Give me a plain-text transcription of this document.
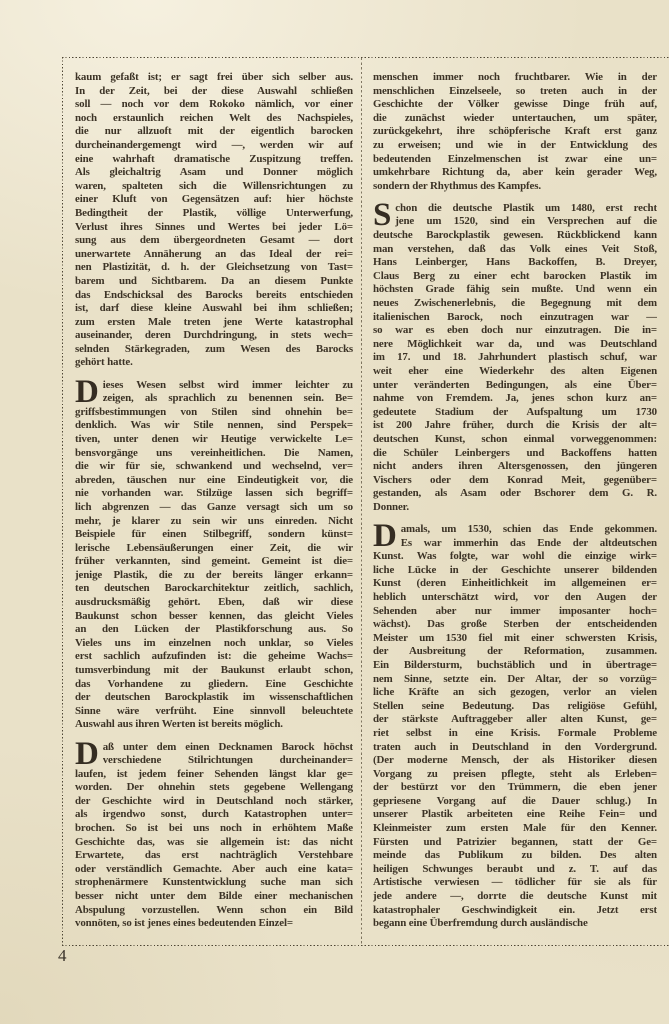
kaum gefaßt ist; er sagt frei über sich selber aus.
In der Zeit, bei der diese Auswahl schließen
soll — noch vor dem Rokoko nämlich, vor einer
noch erstaunlich reichen Welt des Nachspieles,
die nur allzuoft mit der eigentlich barocken
durcheinandergemengt wird —, werden wir auf
eine wahrhaft dramatische Zuspitzung treffen.
Als gleichaltrig Asam und Donner möglich
waren, spalteten sich die Willensrichtungen zu
einer Kluft von Gegensätzen auf: hier höchste
Bedingtheit der Plastik, völlige Unterwerfung,
Verlust ihres Sinnes und Wertes bei jeder Lö=
sung aus dem übergeordneten Gesamt — dort
unerwartete Annäherung an das Ideal der rei=
nen Plastizität, d. h. der Gleichsetzung von Tast=
barem und Sichtbarem. Da an diesem Punkte
das Endschicksal des Barocks bereits entschieden
ist, darf diese kleine Auswahl bei ihm schließen;
zum ersten Male treten jene Werte katastrophal
auseinander, deren Durchdringung, in stets wech=
selnden Stärkegraden, zum Wesen des Barocks
gehört hatte.
D ieses Wesen selbst wird immer leichter zu
zeigen, als sprachlich zu benennen sein. Be=
griffsbestimmungen von Stilen sind ohnehin be=
denklich. Was wir Stile nennen, sind Perspek=
tiven, unter denen wir Heutige verwickelte Le=
bensvorgänge uns vereinheitlichen. Die Namen,
die wir für sie, schwankend und wechselnd, ver=
abreden, täuschen nur eine Eindeutigkeit vor, die
nie vorhanden war. Stilzüge lassen sich begriff=
lich abgrenzen — das Ganze versagt sich um so
mehr, je klarer zu sein wir uns einreden. Nicht
Beispiele für einen Stilbegriff, sondern künst=
lerische Lebensäußerungen einer Zeit, die wir
früher verkannten, sind gemeint. Gemeint ist die=
jenige Plastik, die zu der bereits länger erkann=
ten deutschen Barockarchitektur zeitlich, sachlich,
ausdrucksmäßig gehört. Eben, daß wir diese
Baukunst schon besser kennen, das gleicht Vieles
an den Lücken der Plastikforschung aus. So
Vieles uns im einzelnen noch unklar, so Vieles
erst sachlich aufzufinden ist: die geheime Wachs=
tumsverbindung mit der Baukunst erlaubt schon,
das Vorhandene zu gliedern. Eine Geschichte
der deutschen Barockplastik im wissenschaftlichen
Sinne wäre verfrüht. Eine sinnvoll beleuchtete
Auswahl aus ihren Werten ist bereits möglich.
D aß unter dem einen Decknamen Barock höchst
verschiedene Stilrichtungen durcheinander=
laufen, ist jedem feiner Sehenden längst klar ge=
worden. Der ohnehin stets gegebene Wellengang
der Geschichte wird in Deutschland noch stärker,
als irgendwo sonst, durch Katastrophen unter=
brochen. So ist bei uns noch in erhöhtem Maße
Geschichte das, was sie allgemein ist: das nicht
Erwartete, das erst nachträglich Verstehbare
oder verständlich Gemachte. Aber auch eine kata=
strophenärmere Kunstentwicklung suche man sich
besser nicht unter dem Bilde einer mechanischen
Abspulung vorzustellen. Wenn schon ein Bild
vonnöten, so ist jenes eines bedeutenden Einzel=
menschen immer noch fruchtbarer. Wie in der
menschlichen Einzelseele, so treten auch in der
Geschichte der Völker gewisse Dinge früh auf,
die zunächst wieder untertauchen, um später,
zurückgekehrt, ihre schöpferische Kraft erst ganz
zu erweisen; und wie in der Entwicklung des
bedeutenden Einzelmenschen ist zwar eine un=
umkehrbare Richtung da, aber kein gerader Weg,
sondern der Rhythmus des Kampfes.
S chon die deutsche Plastik um 1480, erst recht
jene um 1520, sind ein Versprechen auf die
deutsche Barockplastik gewesen. Rückblickend kann
man verstehen, daß das Volk eines Veit Stoß,
Hans Leinberger, Hans Backoffen, B. Dreyer,
Claus Berg zu einer echt barocken Plastik im
höchsten Grade fähig sein mußte. Und wenn ein
neues Zwischenerlebnis, die Begegnung mit dem
italienischen Barock, noch einzutragen war —
so war es eben doch nur einzutragen. Die in=
nere Möglichkeit war da, und was Deutschland
im 17. und 18. Jahrhundert plastisch schuf, war
weit eher eine Wiederkehr des alten Eigenen
unter veränderten Bedingungen, als eine Über=
nahme von Fremdem. Ja, jenes schon kurz an=
gedeutete Stadium der Aufspaltung um 1730
ist 200 Jahre früher, durch die Krisis der alt=
deutschen Kunst, schon einmal vorweggenommen:
die Schüler Leinbergers und Backoffens hatten
nicht anders ihren Altersgenossen, den jüngeren
Vischers oder dem Konrad Meit, gegenüber=
gestanden, als Asam oder Bschorer dem G. R.
Donner.
D amals, um 1530, schien das Ende gekommen.
Es war immerhin das Ende der altdeutschen
Kunst. Was folgte, war wohl die einzige wirk=
liche Lücke in der Geschichte unserer bildenden
Kunst (deren Einheitlichkeit im allgemeinen er=
heblich unterschätzt wird, vor den Augen der
Sehenden aber nur immer imposanter hoch=
wächst). Das große Sterben der entscheidenden
Meister um 1530 fiel mit einer schwersten Krisis,
der Ausbreitung der Reformation, zusammen.
Ein Bildersturm, buchstäblich und in übertrage=
nem Sinne, setzte ein. Der Altar, der so vorzüg=
liche Kräfte an sich gezogen, verlor an vielen
Stellen seine Bedeutung. Das religiöse Gefühl,
der stärkste Auftraggeber aller alten Kunst, ge=
riet selbst in eine Krisis. Formale Probleme
traten auch in Deutschland in den Vordergrund.
(Der moderne Mensch, der als Historiker diesen
Vorgang zu preisen pflegte, steht als Erleben=
der bestürzt vor den Trümmern, die eben jener
gepriesene Vorgang auf die Dauer schlug.) In
unserer Plastik arbeiteten eine Reihe Fein= und
Kleinmeister zum ersten Male für den Kenner.
Fürsten und Patrizier begannen, statt der Ge=
meinde das Publikum zu bilden. Des alten
heiligen Schwunges beraubt und z. T. auf das
Artistische verwiesen — tödlicher für sie als für
jede andere —, dorrte die deutsche Kunst mit
katastrophaler Geschwindigkeit ein. Jetzt erst
begann eine Überfremdung durch ausländische
4
